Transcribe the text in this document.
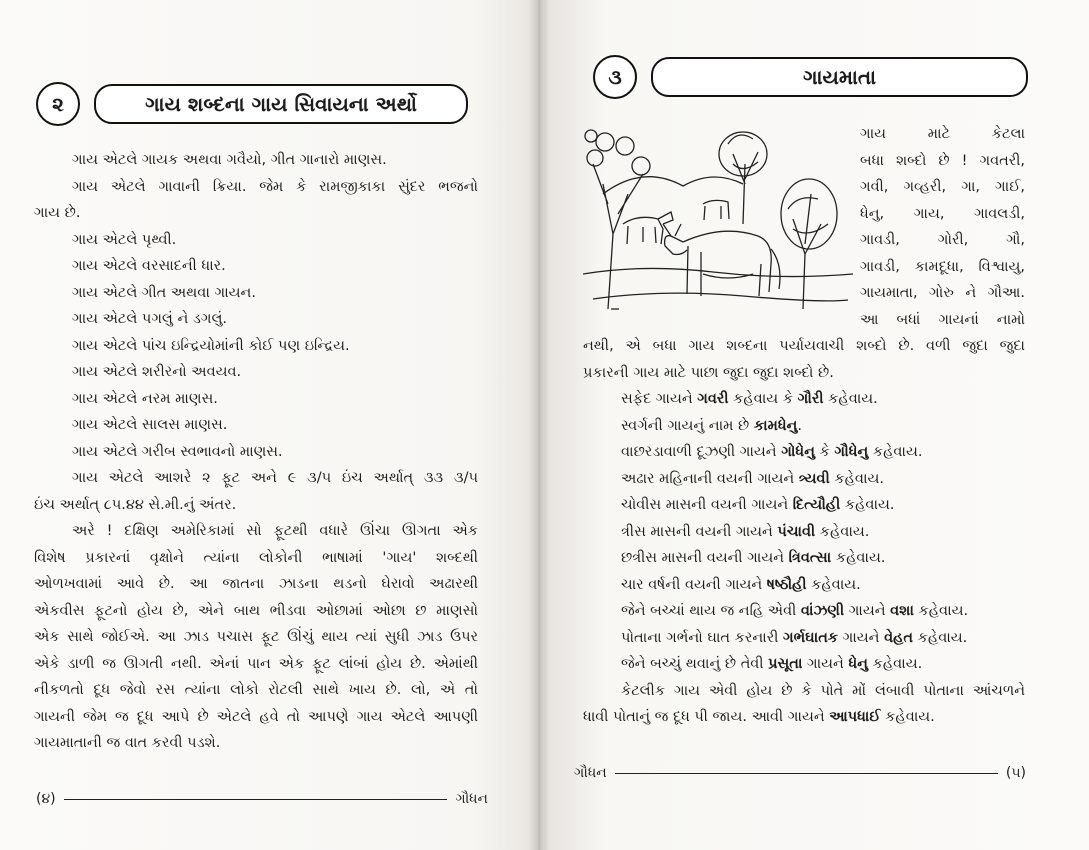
૨	ગાય શબ્દના ગાય સિવાયના અર્થો
ગાય એટલે ગાયક અથવા ગવૈયો, ગીત ગાનારો માણસ.
ગાય એટલે ગાવાની ક્રિયા. જેમ કે રામજીકાકા સુંદર ભજનો
ગાય છે.
ગાય એટલે પૃથ્વી.
ગાય એટલે વરસાદની ધાર.
ગાય એટલે ગીત અથવા ગાયન.
ગાય એટલે પગલું ને ડગલું.
ગાય એટલે પાંચ ઇન્દ્રિયોમાંની કોઈ પણ ઇન્દ્રિય.
ગાય એટલે શરીરનો અવયવ.
ગાય એટલે નરમ માણસ.
ગાય એટલે સાલસ માણસ.
ગાય એટલે ગરીબ સ્વભાવનો માણસ.
ગાય એટલે આશરે ૨ ફૂટ અને ૯ ૩/૫ ઇંચ અર્થાત્ ૩૩ ૩/૫
ઇંચ અર્થાત્ ૮૫.૪૪ સે.મી.નું અંતર.
અરે ! દક્ષિણ અમેરિકામાં સો ફૂટથી વધારે ઊંચા ઊગતા એક
વિશેષ પ્રકારનાં વૃક્ષોને ત્યાંના લોકોની ભાષામાં 'ગાય' શબ્દથી
ઓળખવામાં આવે છે. આ જાતના ઝાડના થડનો ઘેરાવો અઢારથી
એકવીસ ફૂટનો હોય છે, એને બાથ ભીડવા ઓછામાં ઓછા છ માણસો
એક સાથે જોઈએ. આ ઝાડ પચાસ ફૂટ ઊંચું થાય ત્યાં સુધી ઝાડ ઉપર
એકે ડાળી જ ઊગતી નથી. એનાં પાન એક ફૂટ લાંબાં હોય છે. એમાંથી
નીકળતો દૂધ જેવો રસ ત્યાંના લોકો રોટલી સાથે ખાય છે. લો, એ તો
ગાયની જેમ જ દૂધ આપે છે એટલે હવે તો આપણે ગાય એટલે આપણી
ગાયમાતાની જ વાત કરવી પડશે.
(૪)	ગૌધન
૩	ગાયમાતા
ગાય માટે કેટલા
બધા શબ્દો છે ! ગવતરી,
ગવી, ગવ્હરી, ગા, ગાઈ,
ધેનુ, ગાય, ગાવલડી,
ગાવડી, ગોરી, ગૌ,
ગાવડી, કામદૂધા, વિશ્વાયુ,
ગાયમાતા, ગોરુ ને ગૌઆ.
આ બધાં ગાયનાં નામો
નથી, એ બધા ગાય શબ્દના પર્યાયવાચી શબ્દો છે. વળી જુદા જુદા
પ્રકારની ગાય માટે પાછા જુદા જુદા શબ્દો છે.
સફેદ ગાયને ગવરી કહેવાય કે ગૌરી કહેવાય.
સ્વર્ગની ગાયનું નામ છે કામધેનુ.
વાછરડાવાળી દૂઝણી ગાયને ગોધેનુ કે ગૌધેનુ કહેવાય.
અઢાર મહિનાની વયની ગાયને ત્ર્યવી કહેવાય.
ચોવીસ માસની વયની ગાયને દિત્યૌહી કહેવાય.
ત્રીસ માસની વયની ગાયને પંચાવી કહેવાય.
છત્રીસ માસની વયની ગાયને ત્રિવત્સા કહેવાય.
ચાર વર્ષની વયની ગાયને ષષ્ઠૌહી કહેવાય.
જેને બચ્ચાં થાય જ નહિ એવી વાંઝણી ગાયને વશા કહેવાય.
પોતાના ગર્ભનો ઘાત કરનારી ગર્ભઘાતક ગાયને વેહત કહેવાય.
જેને બચ્ચું થવાનું છે તેવી પ્રસૂતા ગાયને ધેનુ કહેવાય.
કેટલીક ગાય એવી હોય છે કે પોતે મોં લંબાવી પોતાના આંચળને
ધાવી પોતાનું જ દૂધ પી જાય. આવી ગાયને આપધાઈ કહેવાય.
ગૌધન	(૫)
